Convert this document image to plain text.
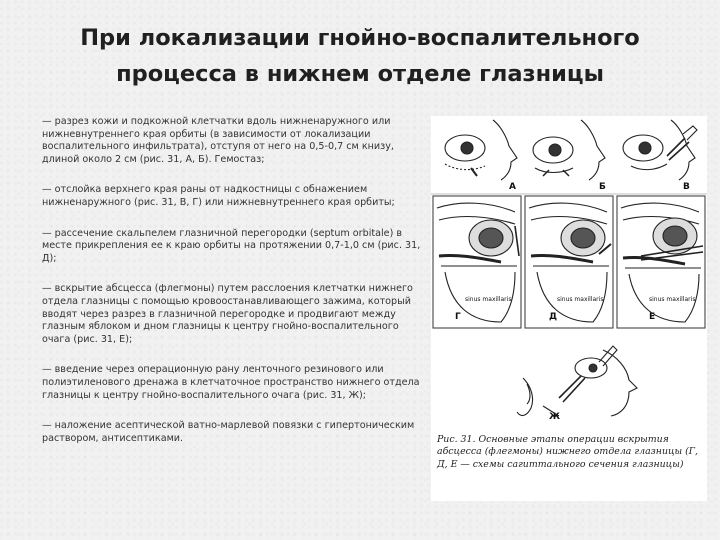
При локализации гнойно-воспалительного процесса в нижнем отделе глазницы

— разрез кожи и подкожной клетчатки вдоль нижненаружного или нижневнутреннего края орбиты (в зависимости от локализации воспалительного инфильтрата), отступя от него на 0,5-0,7 см книзу, длиной около 2 см (рис. 31, А, Б). Гемостаз;

— отслойка верхнего края раны от надкостницы с обнажением нижненаружного (рис. 31, В, Г) или нижневнутреннего края орбиты;

— рассечение скальпелем глазничной перегородки (septum orbitale) в месте прикрепления ее к краю орбиты на протяжении 0,7-1,0 см (рис. 31, Д);

— вскрытие абсцесса (флегмоны) путем расслоения клетчатки нижнего отдела глазницы с помощью кровоостанавливающего зажима, который вводят через разрез в глазничной перегородке и продвигают между глазным яблоком и дном глазницы к центру гнойно-воспалительного очага (рис. 31, Е);

— введение через операционную рану ленточного резинового или полиэтиленового дренажа в клетчаточное пространство нижнего отдела глазницы к центру гнойно-воспалительного очага (рис. 31, Ж);

— наложение асептической ватно-марлевой повязки с гипертоническим раствором, антисептиками.

А	Б	В
Г	Д	Е
Ж
sinus maxillaris	sinus maxillaris	sinus maxillaris
Рис. 31. Основные этапы операции вскрытия абсцесса (флегмоны) нижнего отдела глазницы (Г, Д, Е — схемы сагиттального сечения глазницы)
